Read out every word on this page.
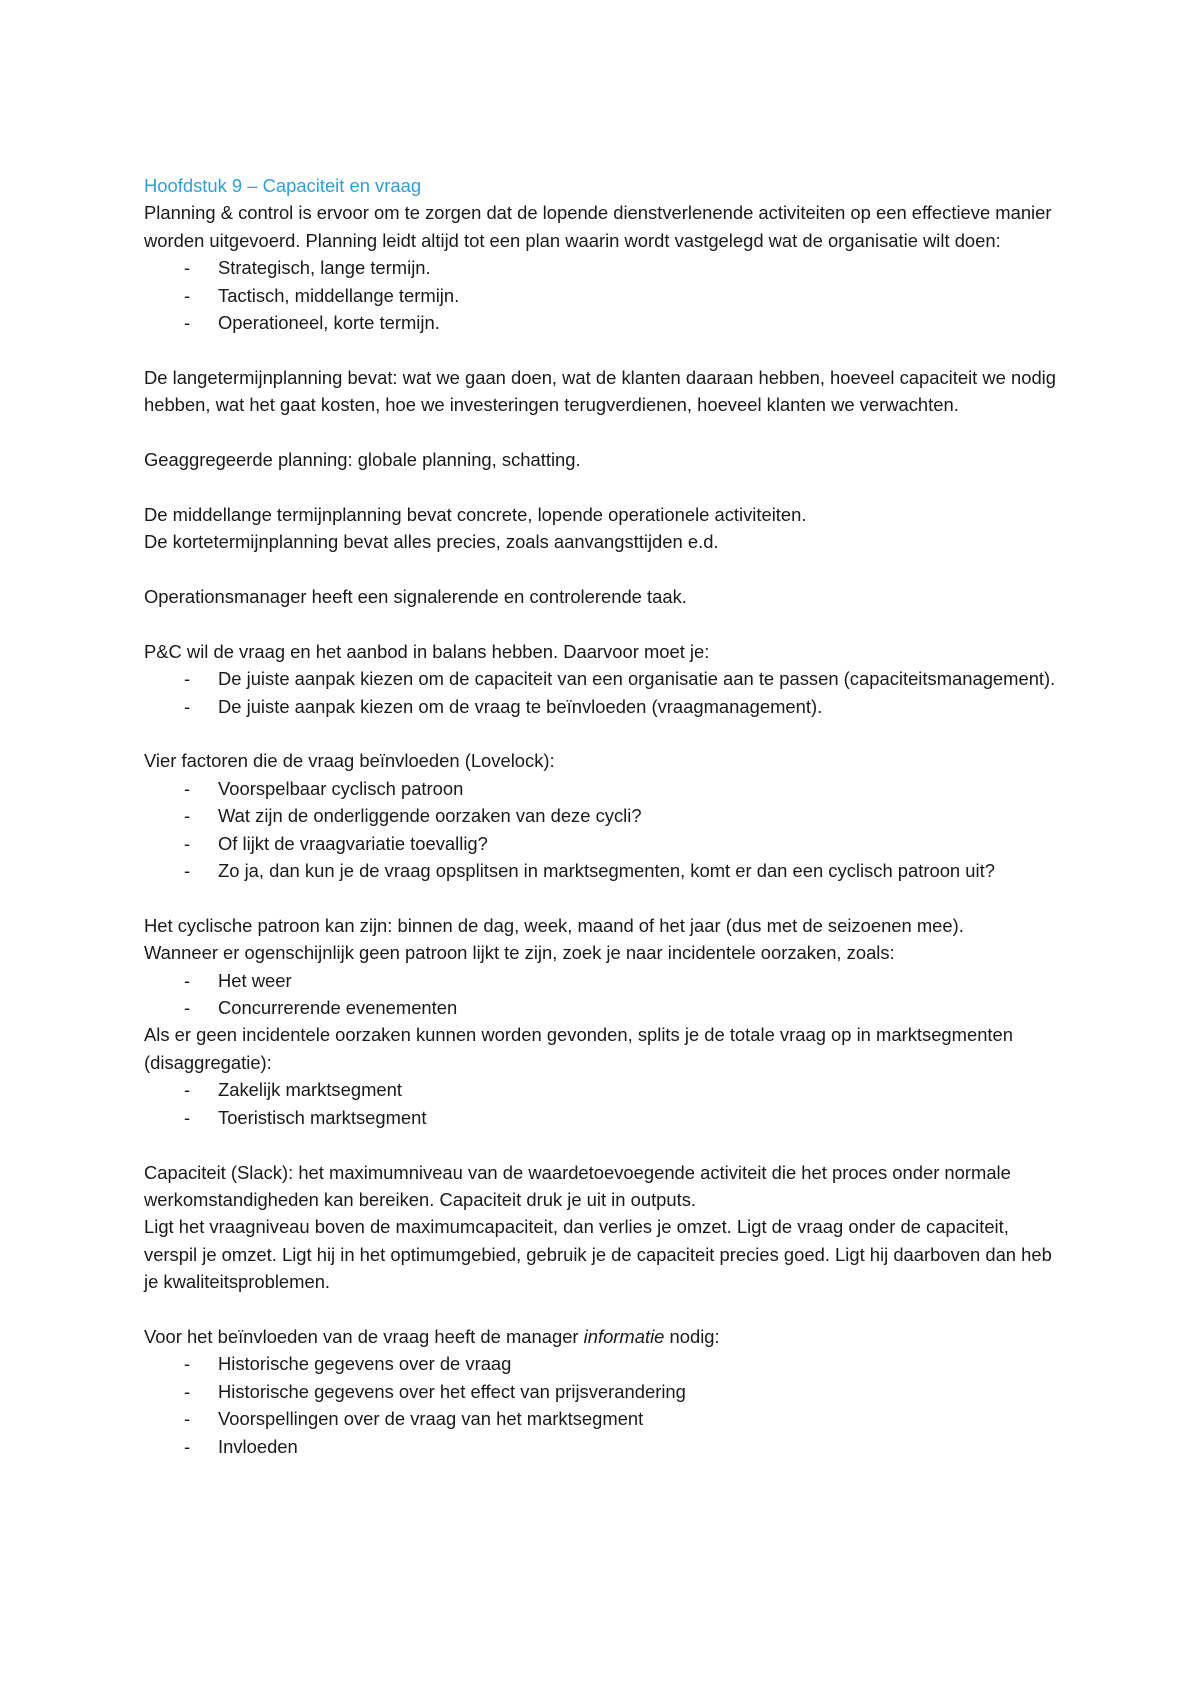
Hoofdstuk 9 – Capaciteit en vraag

Planning & control is ervoor om te zorgen dat de lopende dienstverlenende activiteiten op een effectieve manier worden uitgevoerd. Planning leidt altijd tot een plan waarin wordt vastgelegd wat de organisatie wilt doen:

- Strategisch, lange termijn.
- Tactisch, middellange termijn.
- Operationeel, korte termijn.

De langetermijnplanning bevat: wat we gaan doen, wat de klanten daaraan hebben, hoeveel capaciteit we nodig hebben, wat het gaat kosten, hoe we investeringen terugverdienen, hoeveel klanten we verwachten.

Geaggregeerde planning: globale planning, schatting.

De middellange termijnplanning bevat concrete, lopende operationele activiteiten.

De kortetermijnplanning bevat alles precies, zoals aanvangsttijden e.d.

Operationsmanager heeft een signalerende en controlerende taak.

P&C wil de vraag en het aanbod in balans hebben. Daarvoor moet je:

- De juiste aanpak kiezen om de capaciteit van een organisatie aan te passen (capaciteitsmanagement).
- De juiste aanpak kiezen om de vraag te beïnvloeden (vraagmanagement).

Vier factoren die de vraag beïnvloeden (Lovelock):

- Voorspelbaar cyclisch patroon
- Wat zijn de onderliggende oorzaken van deze cycli?
- Of lijkt de vraagvariatie toevallig?
- Zo ja, dan kun je de vraag opsplitsen in marktsegmenten, komt er dan een cyclisch patroon uit?

Het cyclische patroon kan zijn: binnen de dag, week, maand of het jaar (dus met de seizoenen mee).

Wanneer er ogenschijnlijk geen patroon lijkt te zijn, zoek je naar incidentele oorzaken, zoals:

- Het weer
- Concurrerende evenementen

Als er geen incidentele oorzaken kunnen worden gevonden, splits je de totale vraag op in marktsegmenten (disaggregatie):

- Zakelijk marktsegment
- Toeristisch marktsegment

Capaciteit (Slack): het maximumniveau van de waardetoevoegende activiteit die het proces onder normale werkomstandigheden kan bereiken. Capaciteit druk je uit in outputs.

Ligt het vraagniveau boven de maximumcapaciteit, dan verlies je omzet. Ligt de vraag onder de capaciteit, verspil je omzet. Ligt hij in het optimumgebied, gebruik je de capaciteit precies goed. Ligt hij daarboven dan heb je kwaliteitsproblemen.

Voor het beïnvloeden van de vraag heeft de manager informatie nodig:

- Historische gegevens over de vraag
- Historische gegevens over het effect van prijsverandering
- Voorspellingen over de vraag van het marktsegment
- Invloeden
